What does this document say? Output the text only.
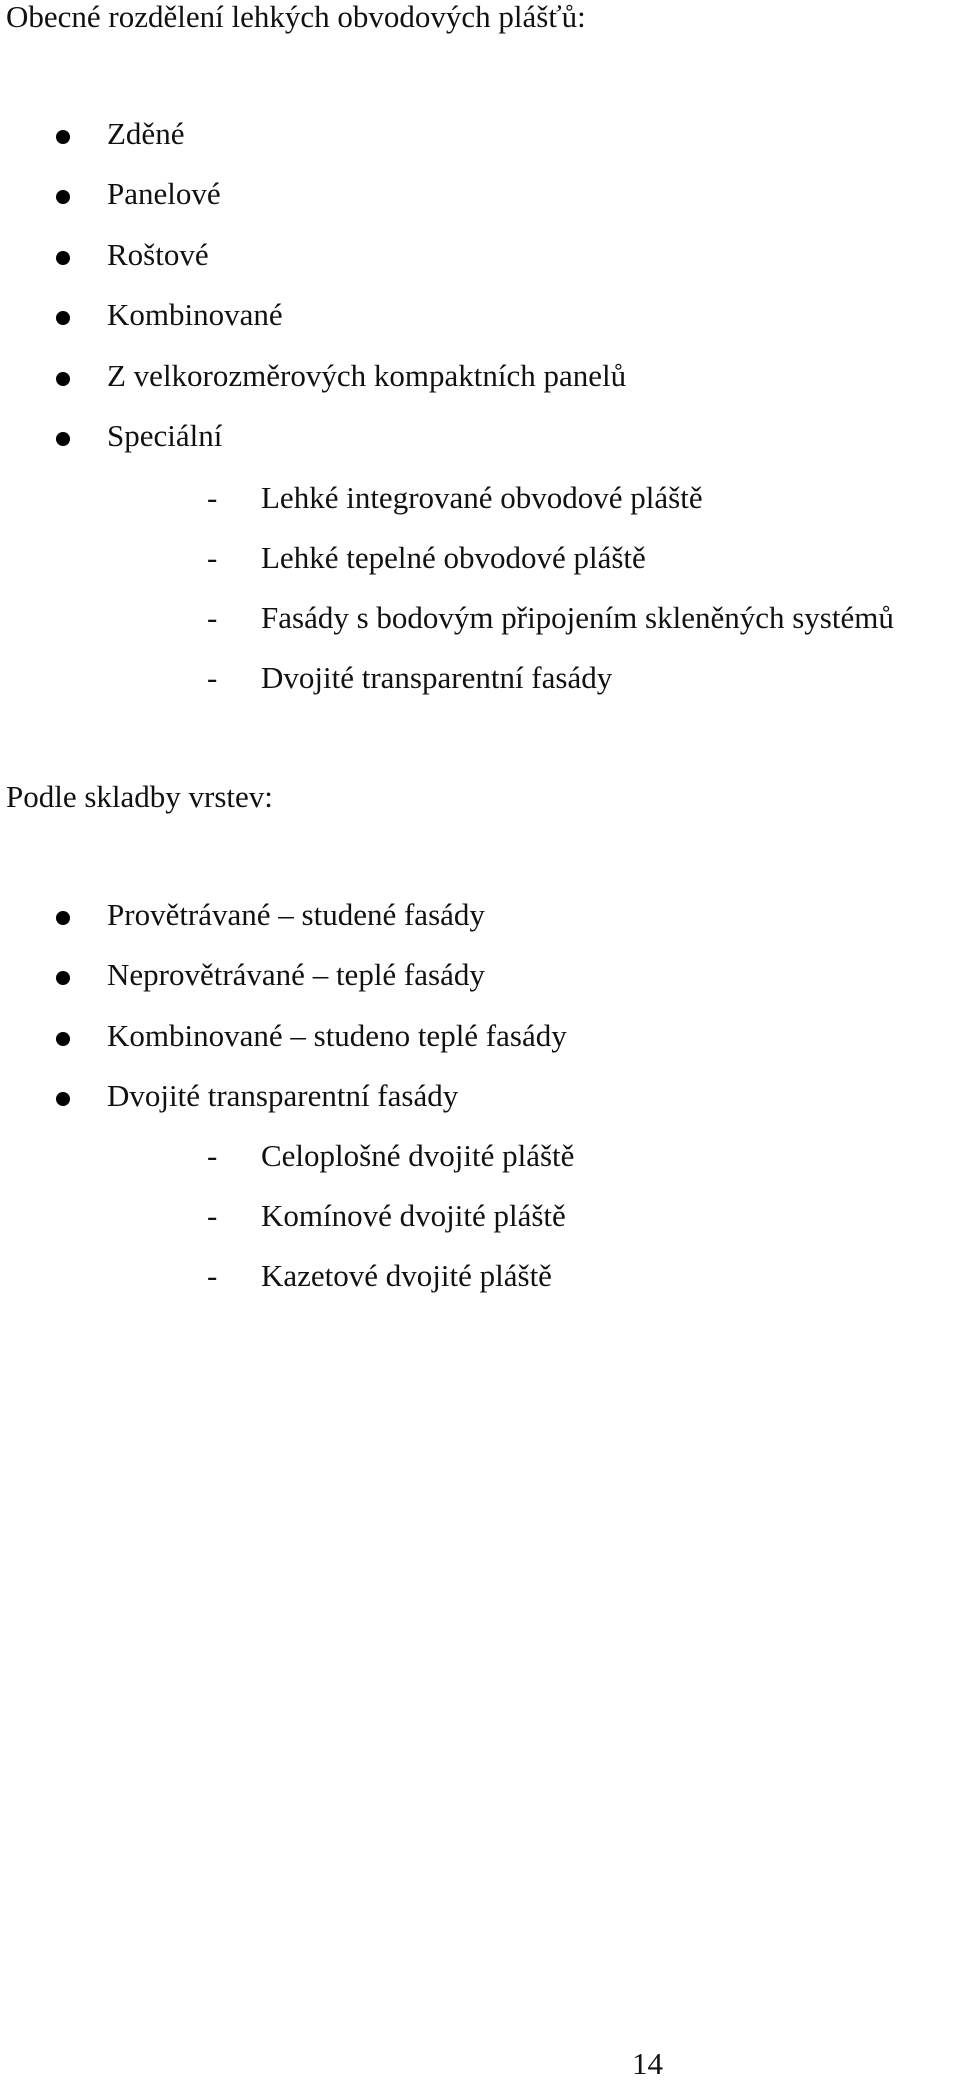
Obecné rozdělení lehkých obvodových plášťů:
Zděné
Panelové
Roštové
Kombinované
Z velkorozměrových kompaktních panelů
Speciální
- Lehké integrované obvodové pláště
- Lehké tepelné obvodové pláště
- Fasády s bodovým připojením skleněných systémů
- Dvojité transparentní fasády
Podle skladby vrstev:
Provětrávané – studené fasády
Neprovětrávané – teplé fasády
Kombinované – studeno teplé fasády
Dvojité transparentní fasády
- Celoplošné dvojité pláště
- Komínové dvojité pláště
- Kazetové dvojité pláště
14
